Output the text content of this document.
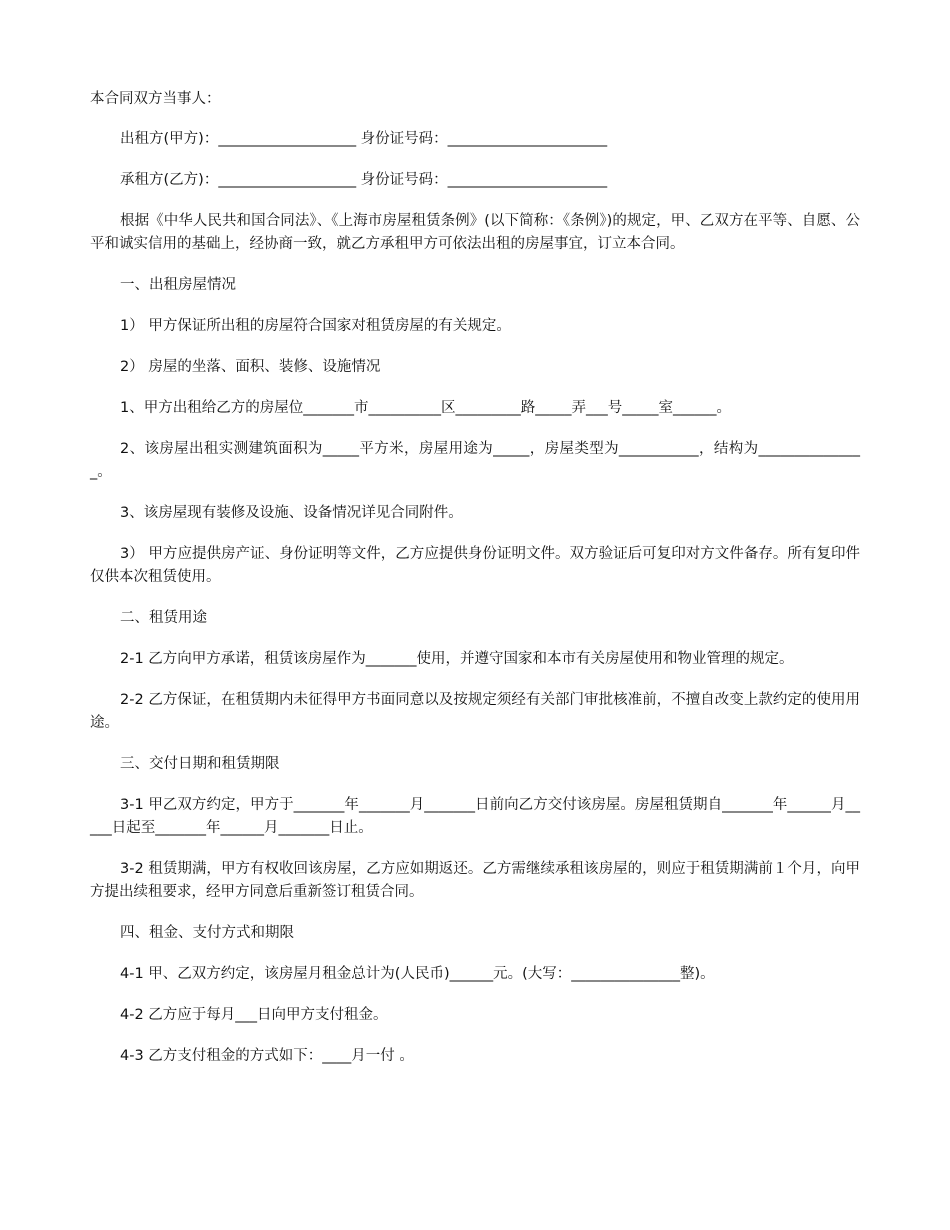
本合同双方当事人：

出租方(甲方)：___________________ 身份证号码：______________________

承租方(乙方)：___________________ 身份证号码：______________________

根据《中华人民共和国合同法》、《上海市房屋租赁条例》(以下简称：《条例》)的规定，甲、乙双方在平等、自愿、公平和诚实信用的基础上，经协商一致，就乙方承租甲方可依法出租的房屋事宜，订立本合同。

一、出租房屋情况

1） 甲方保证所出租的房屋符合国家对租赁房屋的有关规定。

2） 房屋的坐落、面积、装修、设施情况

1、甲方出租给乙方的房屋位_______市__________区_________路_____弄___号_____室______。

2、该房屋出租实测建筑面积为_____平方米，房屋用途为_____，房屋类型为___________，结构为_______________。

3、该房屋现有装修及设施、设备情况详见合同附件。

3） 甲方应提供房产证、身份证明等文件，乙方应提供身份证明文件。双方验证后可复印对方文件备存。所有复印件仅供本次租赁使用。

二、租赁用途

2-1 乙方向甲方承诺，租赁该房屋作为_______使用，并遵守国家和本市有关房屋使用和物业管理的规定。

2-2 乙方保证，在租赁期内未征得甲方书面同意以及按规定须经有关部门审批核准前，不擅自改变上款约定的使用用途。

三、交付日期和租赁期限

3-1 甲乙双方约定，甲方于_______年_______月_______日前向乙方交付该房屋。房屋租赁期自_______年______月_____日起至_______年______月_______日止。

3-2 租赁期满，甲方有权收回该房屋，乙方应如期返还。乙方需继续承租该房屋的，则应于租赁期满前１个月，向甲方提出续租要求，经甲方同意后重新签订租赁合同。

四、租金、支付方式和期限

4-1 甲、乙双方约定，该房屋月租金总计为(人民币)______元。(大写：_______________整)。

4-2 乙方应于每月___日向甲方支付租金。

4-3 乙方支付租金的方式如下：____月一付 。
